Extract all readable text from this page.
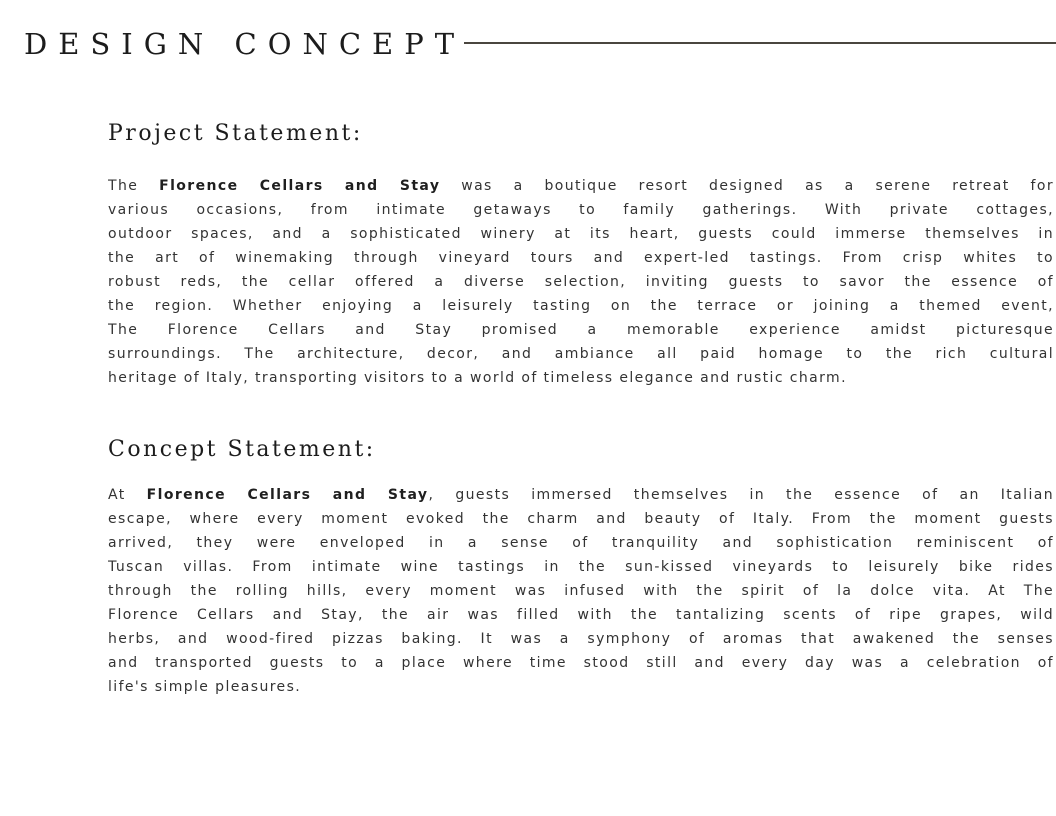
DESIGN CONCEPT
Project Statement:
The Florence Cellars and Stay was a boutique resort designed as a serene retreat for
various occasions, from intimate getaways to family gatherings. With private cottages,
outdoor spaces, and a sophisticated winery at its heart, guests could immerse themselves in
the art of winemaking through vineyard tours and expert-led tastings. From crisp whites to
robust reds, the cellar offered a diverse selection, inviting guests to savor the essence of
the region. Whether enjoying a leisurely tasting on the terrace or joining a themed event,
The Florence Cellars and Stay promised a memorable experience amidst picturesque
surroundings. The architecture, decor, and ambiance all paid homage to the rich cultural
heritage of Italy, transporting visitors to a world of timeless elegance and rustic charm.
Concept Statement:
At Florence Cellars and Stay, guests immersed themselves in the essence of an Italian
escape, where every moment evoked the charm and beauty of Italy. From the moment guests
arrived, they were enveloped in a sense of tranquility and sophistication reminiscent of
Tuscan villas. From intimate wine tastings in the sun-kissed vineyards to leisurely bike rides
through the rolling hills, every moment was infused with the spirit of la dolce vita. At The
Florence Cellars and Stay, the air was filled with the tantalizing scents of ripe grapes, wild
herbs, and wood-fired pizzas baking. It was a symphony of aromas that awakened the senses
and transported guests to a place where time stood still and every day was a celebration of
life's simple pleasures.
